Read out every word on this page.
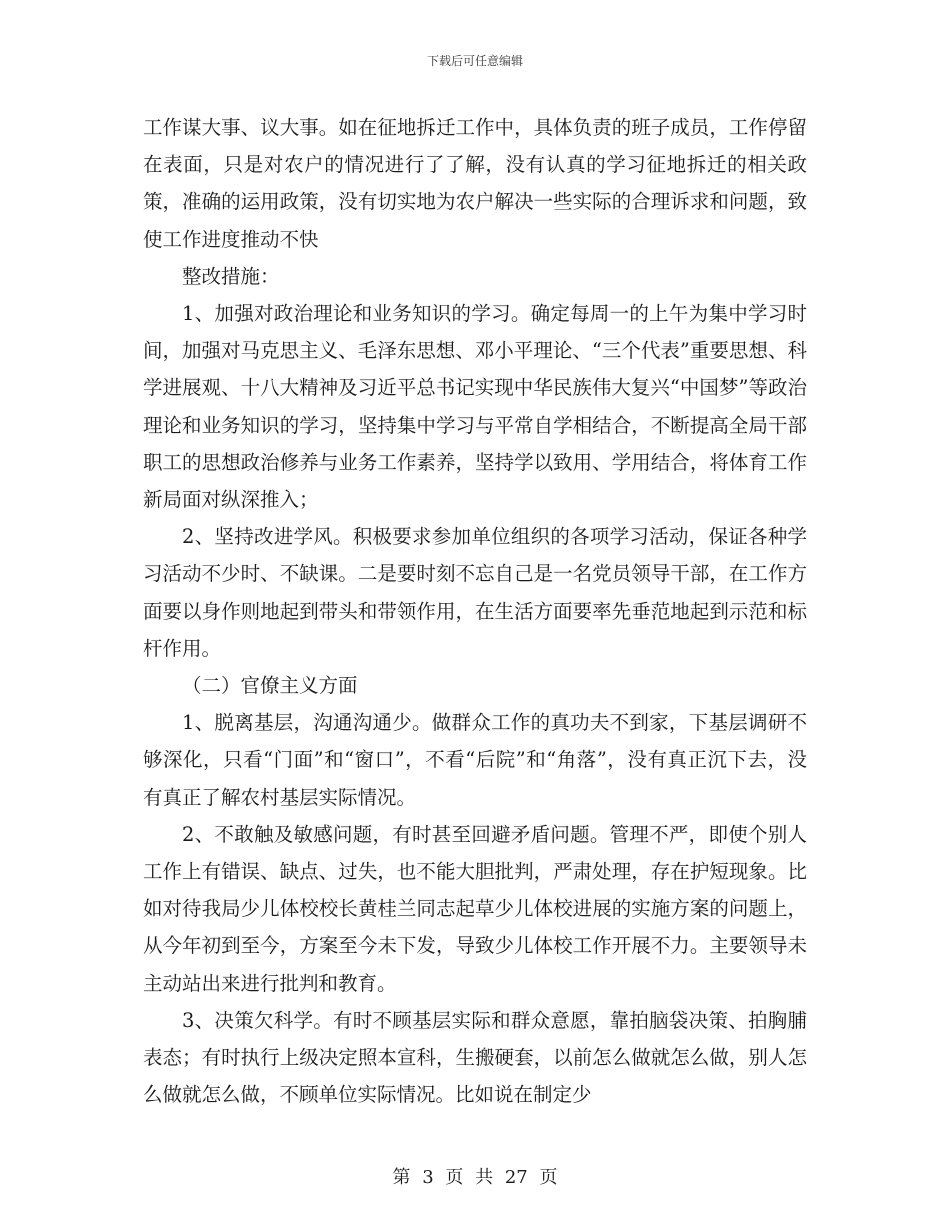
下载后可任意编辑

工作谋大事、议大事。如在征地拆迁工作中，具体负责的班子成员，工作停留在表面，只是对农户的情况进行了了解，没有认真的学习征地拆迁的相关政策，准确的运用政策，没有切实地为农户解决一些实际的合理诉求和问题，致使工作进度推动不快

整改措施：

1、加强对政治理论和业务知识的学习。确定每周一的上午为集中学习时间，加强对马克思主义、毛泽东思想、邓小平理论、“三个代表”重要思想、科学进展观、十八大精神及习近平总书记实现中华民族伟大复兴“中国梦”等政治理论和业务知识的学习，坚持集中学习与平常自学相结合，不断提高全局干部职工的思想政治修养与业务工作素养，坚持学以致用、学用结合，将体育工作新局面对纵深推入；

2、坚持改进学风。积极要求参加单位组织的各项学习活动，保证各种学习活动不少时、不缺课。二是要时刻不忘自己是一名党员领导干部，在工作方面要以身作则地起到带头和带领作用，在生活方面要率先垂范地起到示范和标杆作用。

（二）官僚主义方面

1、脱离基层，沟通沟通少。做群众工作的真功夫不到家，下基层调研不够深化，只看“门面”和“窗口”，不看“后院”和“角落”，没有真正沉下去，没有真正了解农村基层实际情况。

2、不敢触及敏感问题，有时甚至回避矛盾问题。管理不严，即使个别人工作上有错误、缺点、过失，也不能大胆批判，严肃处理，存在护短现象。比如对待我局少儿体校校长黄桂兰同志起草少儿体校进展的实施方案的问题上，从今年初到至今，方案至今未下发，导致少儿体校工作开展不力。主要领导未主动站出来进行批判和教育。

3、决策欠科学。有时不顾基层实际和群众意愿，靠拍脑袋决策、拍胸脯表态；有时执行上级决定照本宣科，生搬硬套，以前怎么做就怎么做，别人怎么做就怎么做，不顾单位实际情况。比如说在制定少

第 3 页 共 27 页
